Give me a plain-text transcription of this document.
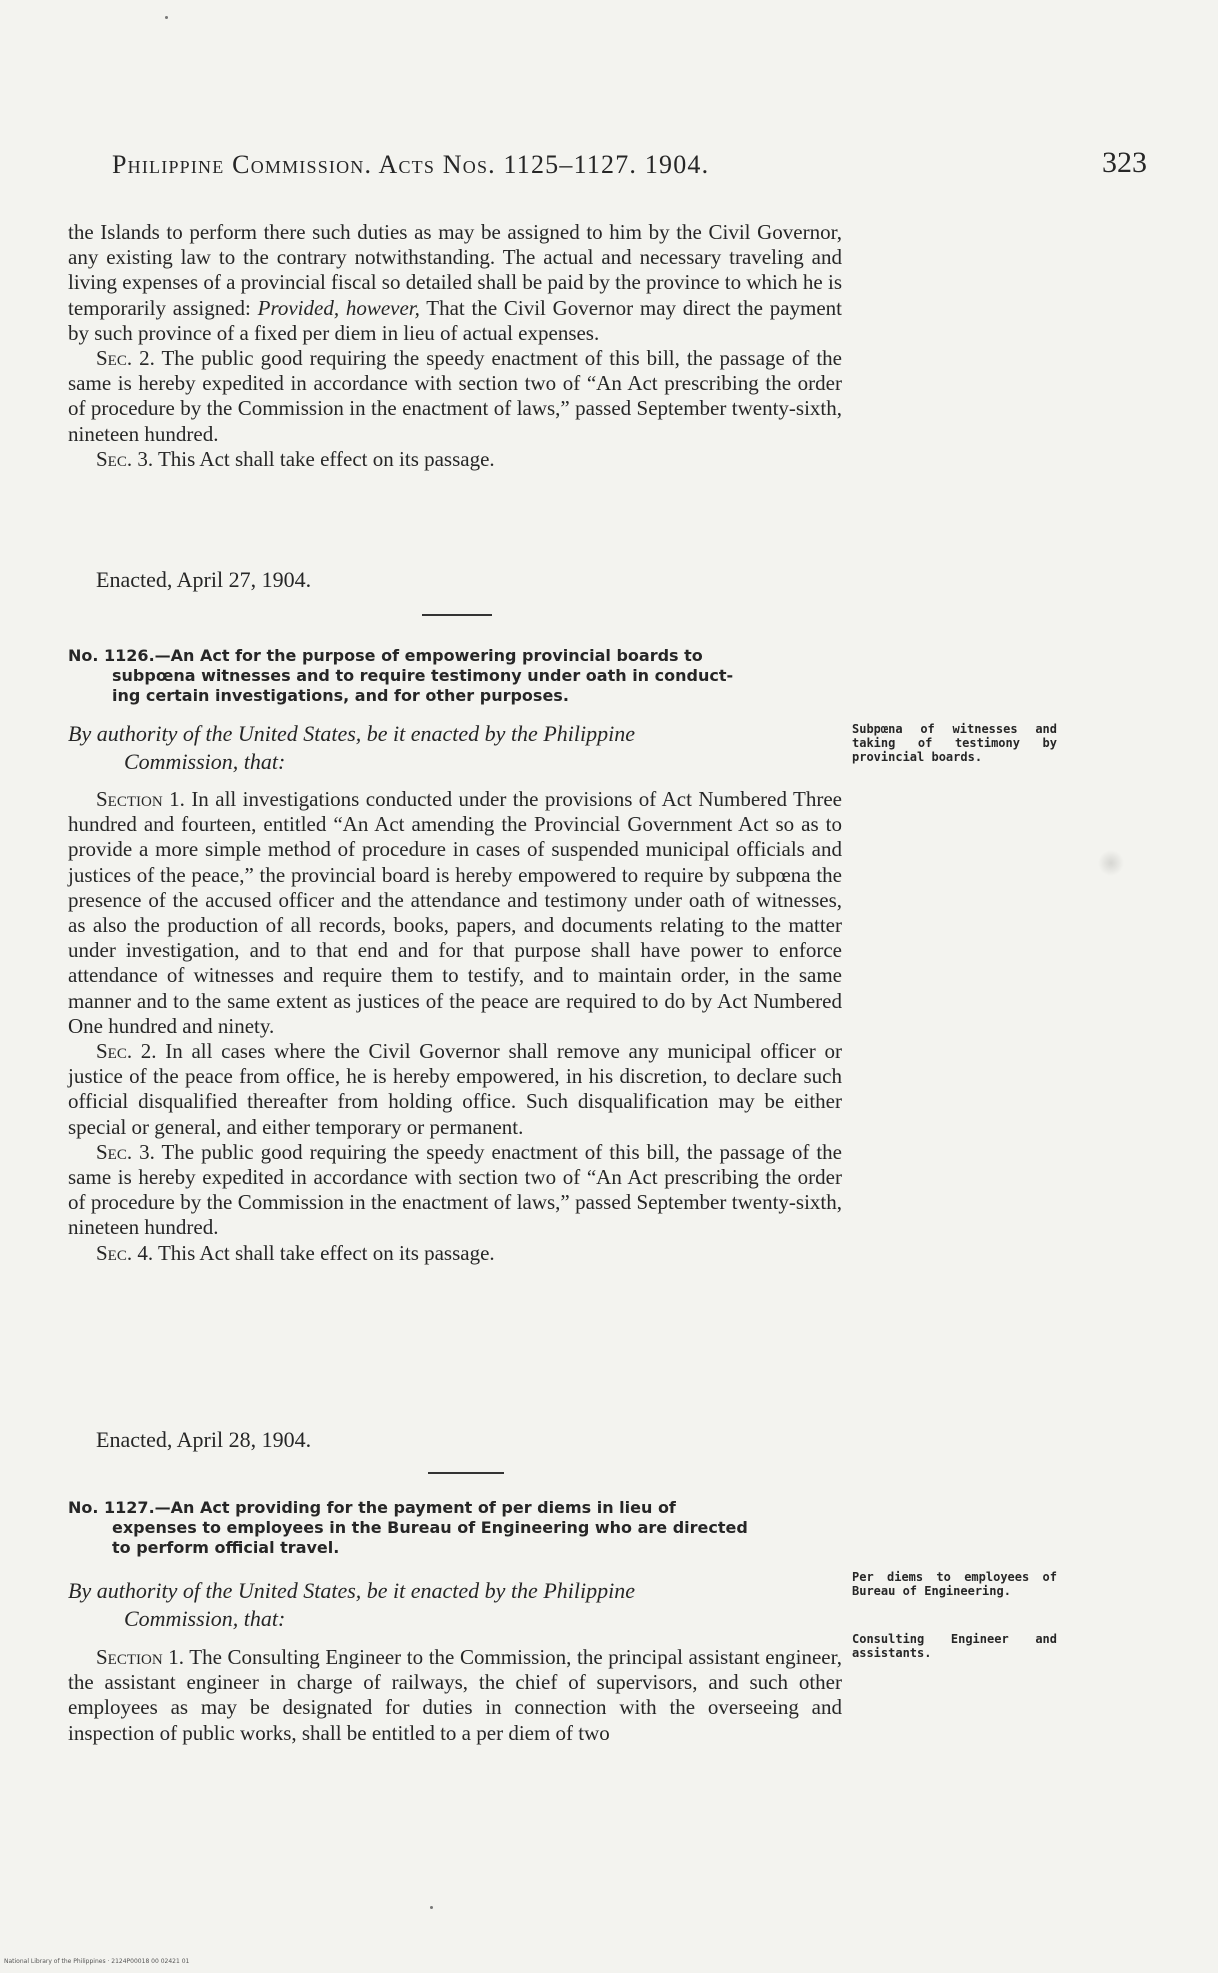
Philippine Commission. Acts Nos. 1125–1127. 1904.	323

the Islands to perform there such duties as may be assigned to him by the Civil Governor, any existing law to the contrary notwithstanding. The actual and necessary traveling and living expenses of a provincial fiscal so detailed shall be paid by the province to which he is temporarily assigned: Provided, however, That the Civil Governor may direct the payment by such province of a fixed per diem in lieu of actual expenses.

Sec. 2. The public good requiring the speedy enactment of this bill, the passage of the same is hereby expedited in accordance with section two of “An Act prescribing the order of procedure by the Commission in the enactment of laws,” passed September twenty-sixth, nineteen hundred.

Sec. 3. This Act shall take effect on its passage.

Enacted, April 27, 1904.
No. 1126.—An Act for the purpose of empowering provincial boards to
subpœna witnesses and to require testimony under oath in conduct-
ing certain investigations, and for other purposes.
By authority of the United States, be it enacted by the Philippine
Commission, that:
Subpœna of witnesses and taking of testimony by provincial boards.

Section 1. In all investigations conducted under the provisions of Act Numbered Three hundred and fourteen, entitled “An Act amending the Provincial Government Act so as to provide a more simple method of procedure in cases of suspended municipal officials and justices of the peace,” the provincial board is hereby empowered to require by subpœna the presence of the accused officer and the attendance and testimony under oath of witnesses, as also the production of all records, books, papers, and documents relating to the matter under investigation, and to that end and for that purpose shall have power to enforce attendance of witnesses and require them to testify, and to maintain order, in the same manner and to the same extent as justices of the peace are required to do by Act Numbered One hundred and ninety.

Sec. 2. In all cases where the Civil Governor shall remove any municipal officer or justice of the peace from office, he is hereby empowered, in his discretion, to declare such official disqualified thereafter from holding office. Such disqualification may be either special or general, and either temporary or permanent.

Sec. 3. The public good requiring the speedy enactment of this bill, the passage of the same is hereby expedited in accordance with section two of “An Act prescribing the order of procedure by the Commission in the enactment of laws,” passed September twenty-sixth, nineteen hundred.

Sec. 4. This Act shall take effect on its passage.

Enacted, April 28, 1904.
No. 1127.—An Act providing for the payment of per diems in lieu of
expenses to employees in the Bureau of Engineering who are directed
to perform official travel.
By authority of the United States, be it enacted by the Philippine
Commission, that:
Per diems to employees of Bureau of Engineering.
Consulting Engineer and assistants.

Section 1. The Consulting Engineer to the Commission, the principal assistant engineer, the assistant engineer in charge of railways, the chief of supervisors, and such other employees as may be designated for duties in connection with the overseeing and inspection of public works, shall be entitled to a per diem of two

National Library of the Philippines · 2124P00018 00 02421 01
